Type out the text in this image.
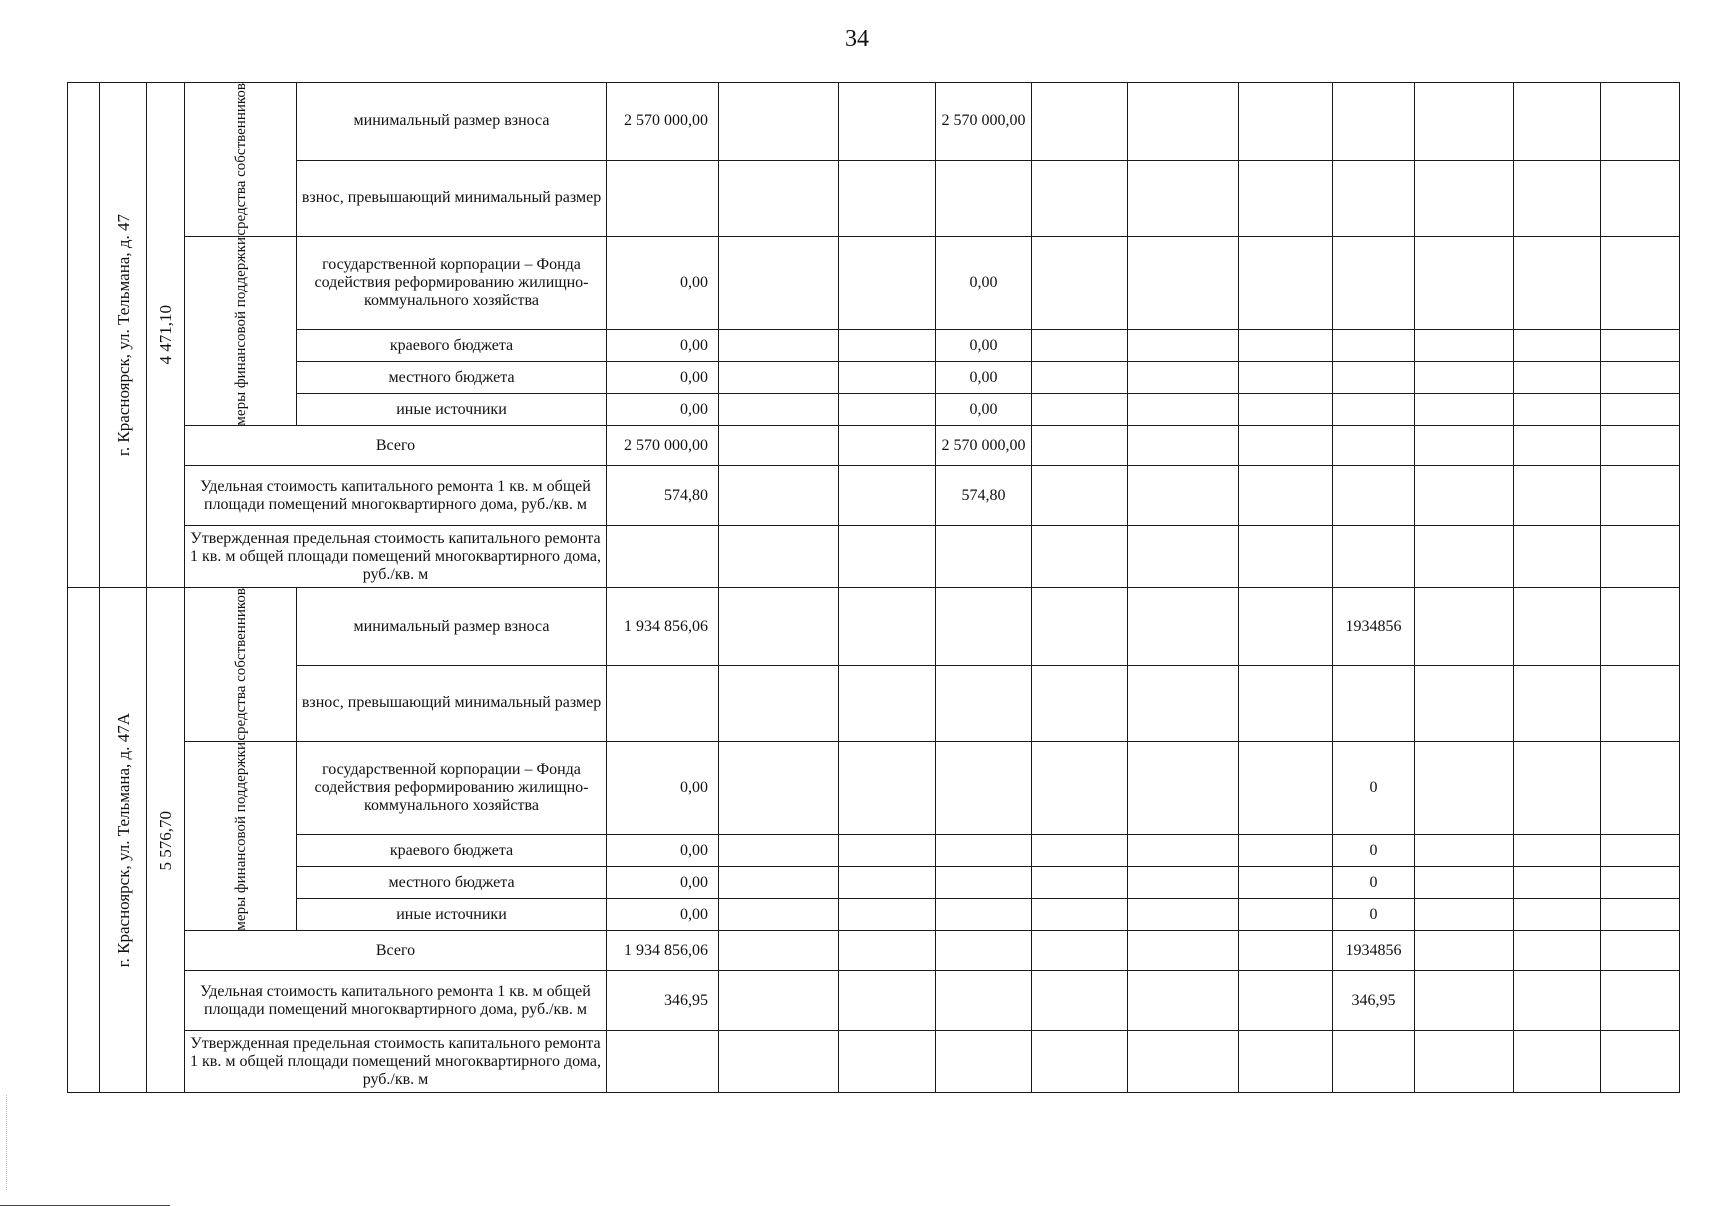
34

	г. Красноярск, ул. Тельмана, д. 47	4 471,10	средства собственников	минимальный размер взноса	2 570 000,00			2 570 000,00							
				взнос, превышающий минимальный размер											

			меры финансовой поддержки	государственной корпорации – Фонда содействия реформированию жилищно-коммунального хозяйства	0,00			0,00							
				краевого бюджета	0,00			0,00							
				местного бюджета	0,00			0,00							
				иные источники	0,00			0,00							
			Всего		2 570 000,00			2 570 000,00							
			Удельная стоимость капитального ремонта 1 кв. м общей площади помещений многоквартирного дома, руб./кв. м		574,80			574,80							
			Утвержденная предельная стоимость капитального ремонта 1 кв. м общей площади помещений многоквартирного дома, руб./кв. м												

	г. Красноярск, ул. Тельмана, д. 47А	5 576,70	средства собственников	минимальный размер взноса	1 934 856,06							1934856			
				взнос, превышающий минимальный размер											

			меры финансовой поддержки	государственной корпорации – Фонда содействия реформированию жилищно-коммунального хозяйства	0,00							0			
				краевого бюджета	0,00							0			
				местного бюджета	0,00							0			
				иные источники	0,00							0			
			Всего		1 934 856,06							1934856			
			Удельная стоимость капитального ремонта 1 кв. м общей площади помещений многоквартирного дома, руб./кв. м		346,95							346,95			
			Утвержденная предельная стоимость капитального ремонта 1 кв. м общей площади помещений многоквартирного дома, руб./кв. м												
